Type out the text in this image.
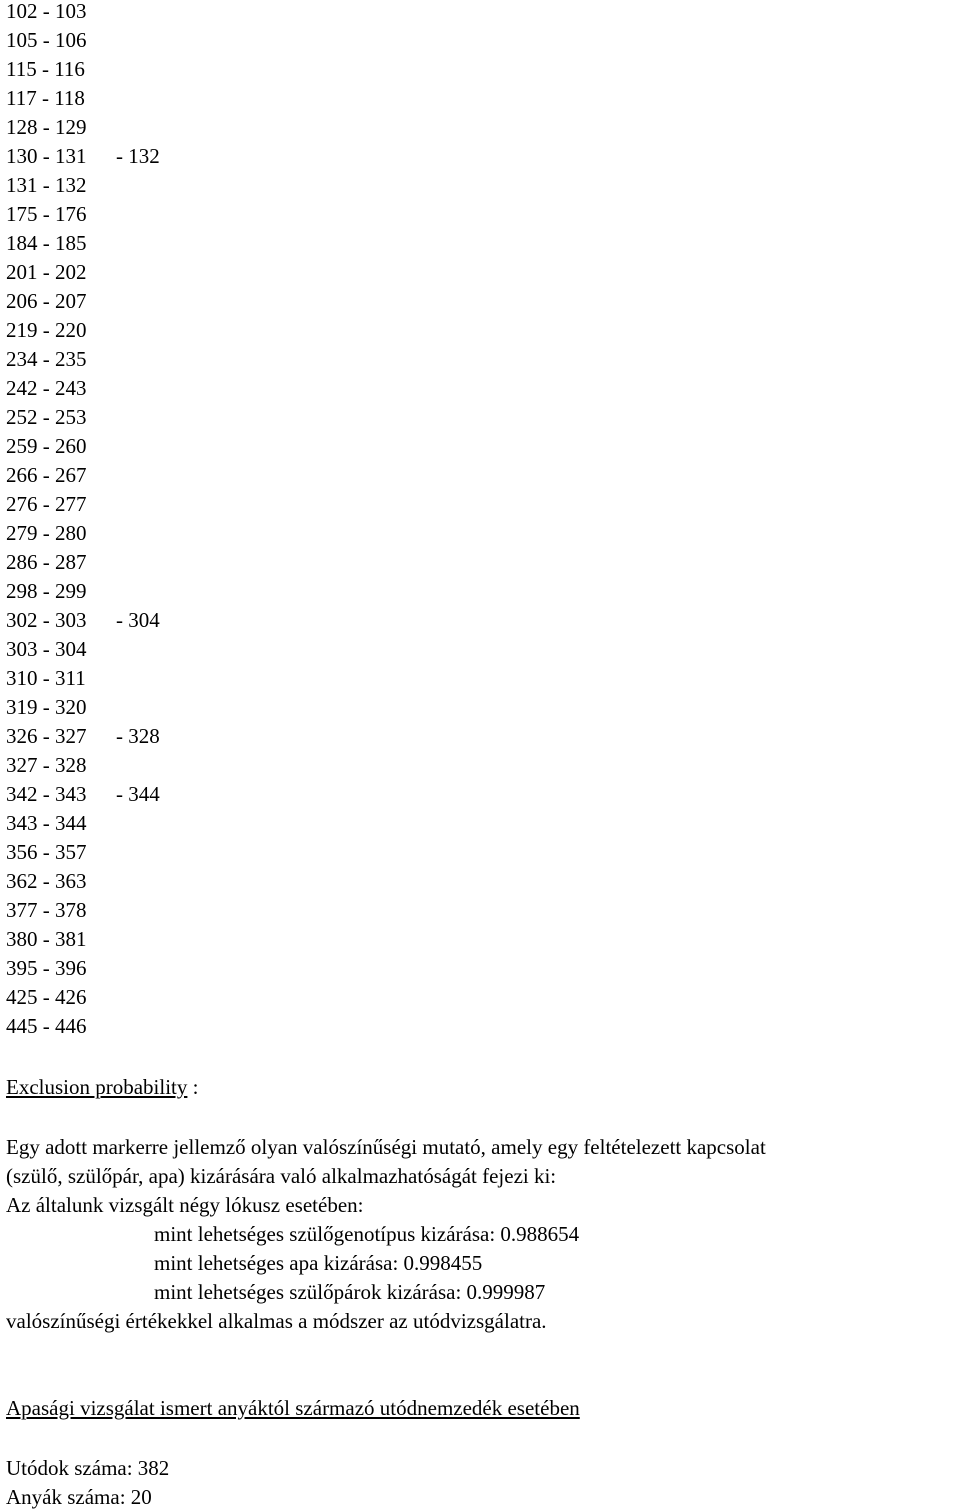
102 - 103
105 - 106
115 - 116
117 - 118
128 - 129
130 - 131 - 132
131 - 132
175 - 176
184 - 185
201 - 202
206 - 207
219 - 220
234 - 235
242 - 243
252 - 253
259 - 260
266 - 267
276 - 277
279 - 280
286 - 287
298 - 299
302 - 303 - 304
303 - 304
310 - 311
319 - 320
326 - 327 - 328
327 - 328
342 - 343 - 344
343 - 344
356 - 357
362 - 363
377 - 378
380 - 381
395 - 396
425 - 426
445 - 446
Exclusion probability :

Egy adott markerre jellemző olyan valószínűségi mutató, amely egy feltételezett kapcsolat

(szülő, szülőpár, apa) kizárására való alkalmazhatóságát fejezi ki:

Az általunk vizsgált négy lókusz esetében:

mint lehetséges szülőgenotípus kizárása: 0.988654

mint lehetséges apa kizárása: 0.998455

mint lehetséges szülőpárok kizárása: 0.999987

valószínűségi értékekkel alkalmas a módszer az utódvizsgálatra.

Apasági vizsgálat ismert anyáktól származó utódnemzedék esetében

Utódok száma: 382

Anyák száma: 20
